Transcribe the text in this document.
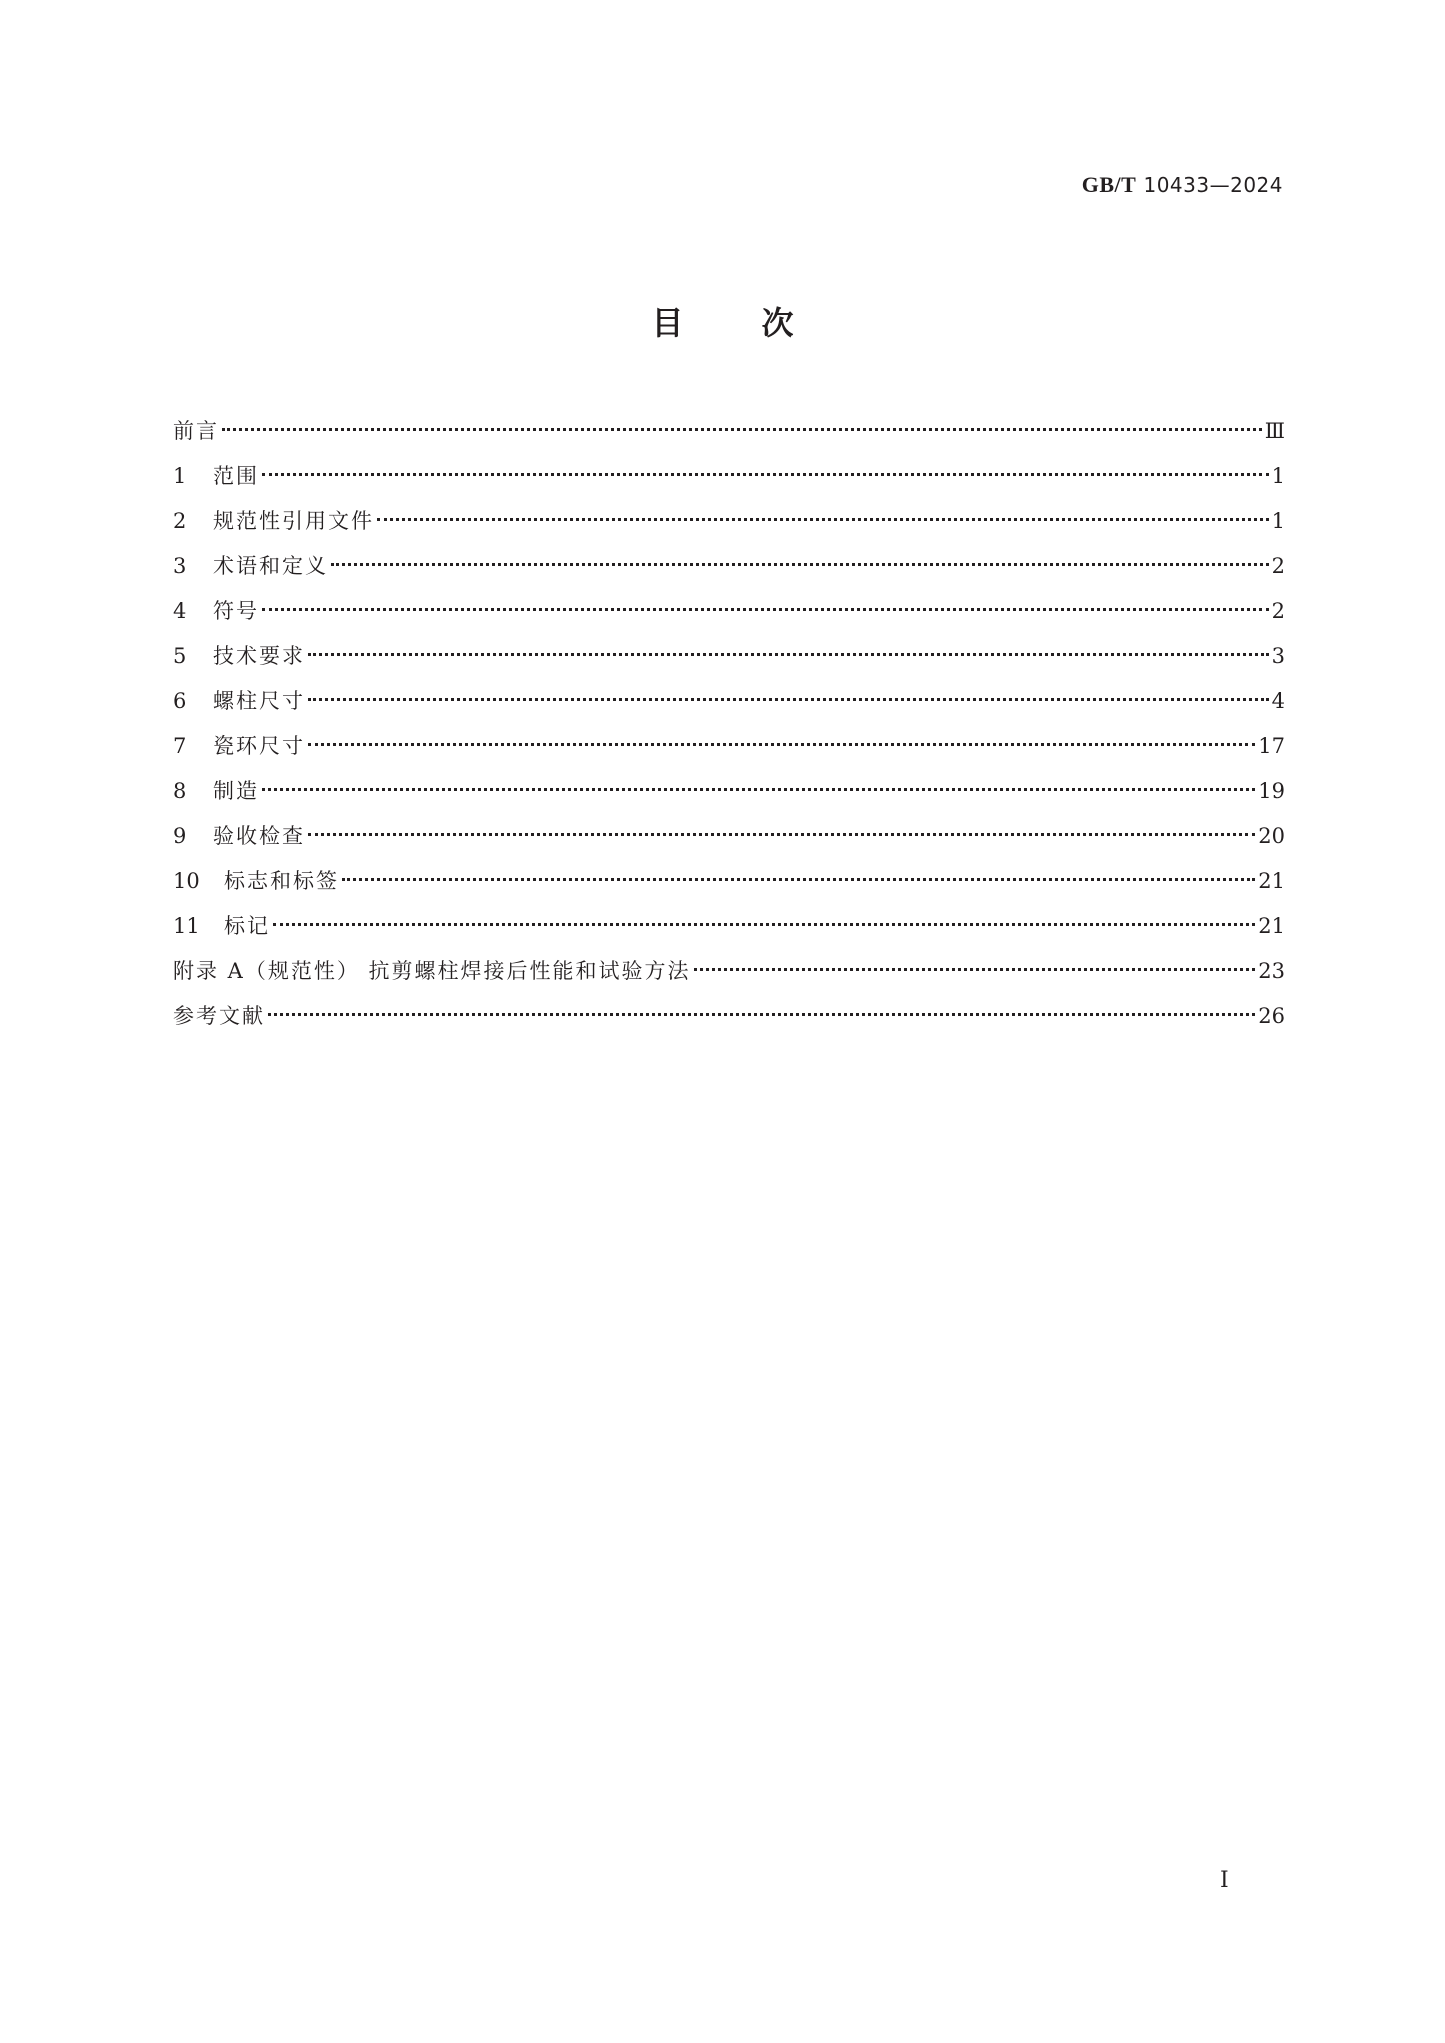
GB/T 10433—2024
目次
前言	Ⅲ
1	范围	1
2	规范性引用文件	1
3	术语和定义	2
4	符号	2
5	技术要求	3
6	螺柱尺寸	4
7	瓷环尺寸	17
8	制造	19
9	验收检查	20
10	标志和标签	21
11	标记	21
附录 A（规范性） 抗剪螺柱焊接后性能和试验方法	23
参考文献	26
I
